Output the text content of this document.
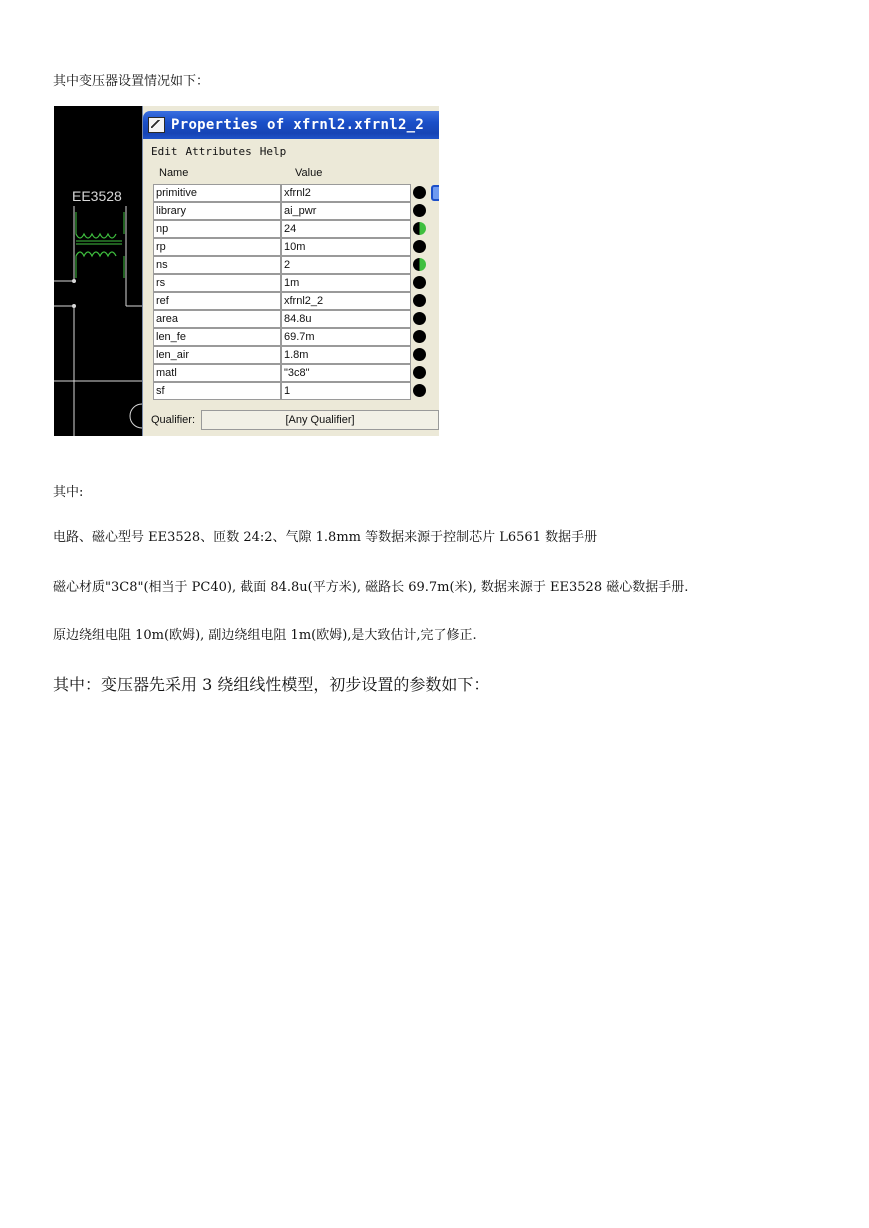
其中变压器设置情况如下：

EE3528
Properties of xfrnl2.xfrnl2_2
Edit Attributes Help
Name	Value
primitive	xfrnl2
library	ai_pwr
np	24
rp	10m
ns	2
rs	1m
ref	xfrnl2_2
area	84.8u
len_fe	69.7m
len_air	1.8m
matl	"3c8"
sf	1
Qualifier:	[Any Qualifier]

其中:

电路、磁心型号 EE3528、匝数 24:2、气隙 1.8mm 等数据来源于控制芯片 L6561 数据手册

磁心材质"3C8"(相当于 PC40), 截面 84.8u(平方米), 磁路长 69.7m(米), 数据来源于 EE3528 磁心数据手册.

原边绕组电阻 10m(欧姆), 副边绕组电阻 1m(欧姆),是大致估计,完了修正.

其中：变压器先采用 3 绕组线性模型，初步设置的参数如下：
